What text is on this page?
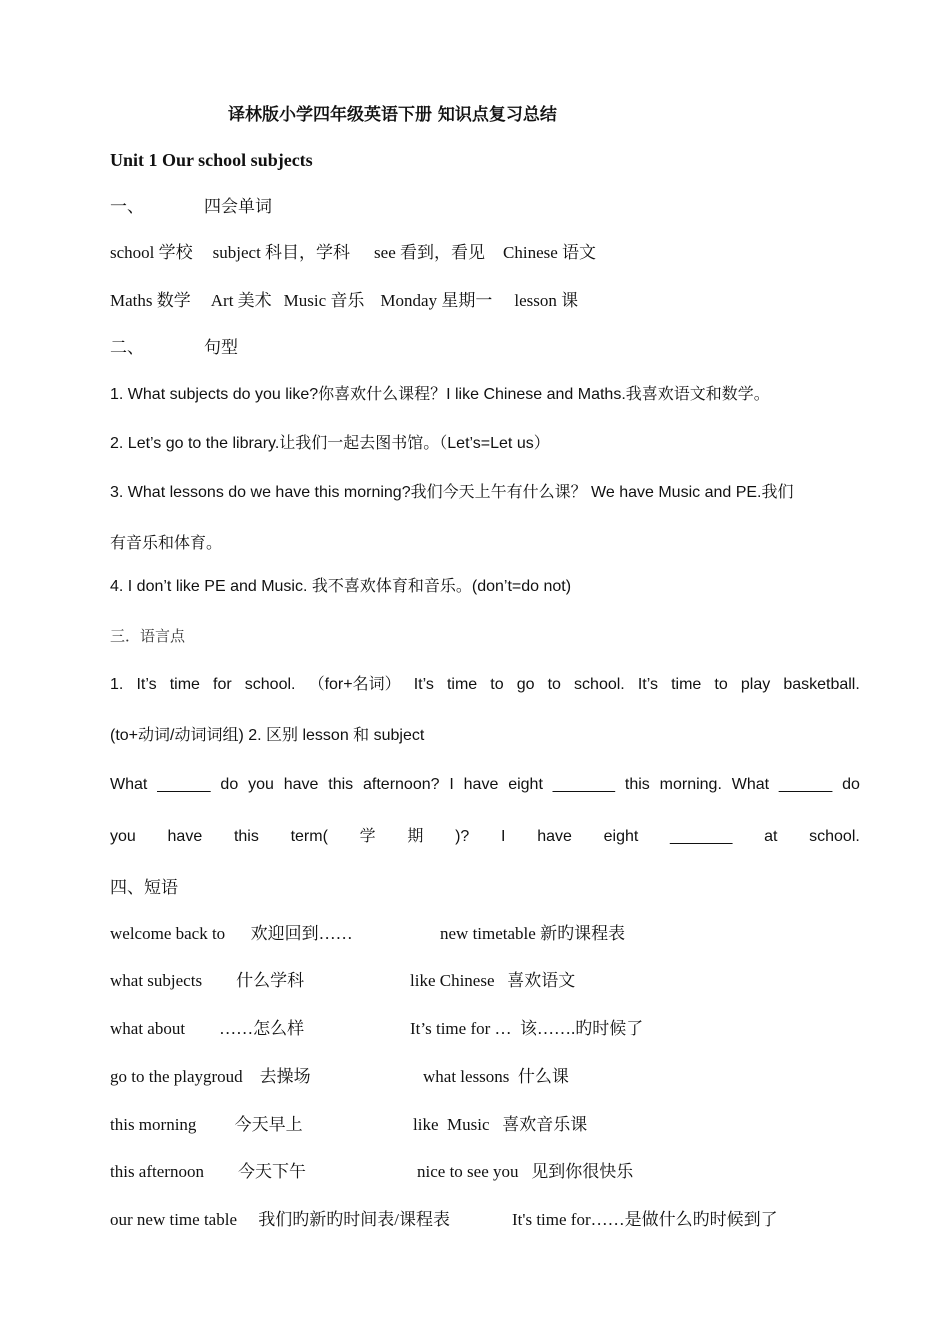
译林版小学四年级英语下册 知识点复习总结
Unit 1 Our school subjects
一、	四会单词
school 学校 subject 科目，学科 see 看到，看见 Chinese 语文
Maths 数学 Art 美术 Music 音乐 Monday 星期一 lesson 课
二、	句型
1. What subjects do you like?你喜欢什么课程？I like Chinese and Maths.我喜欢语文和数学。
2. Let’s go to the library.让我们一起去图书馆。（Let’s=Let us）
3. What lessons do we have this morning?我们今天上午有什么课？ We have Music and PE.我们
有音乐和体育。
4. I don’t like PE and Music. 我不喜欢体育和音乐。(don’t=do not)
三．语言点
1. It’s time for school. （for+名词） It’s time to go to school. It’s time to play basketball.
(to+动词/动词词组) 2. 区别 lesson 和 subject
What ______ do you have this afternoon? I have eight _______ this morning. What ______ do
you have this term( 学 期 )? I have eight _______ at school.
四、短语
welcome back to      欢迎回到……	new timetable 新旳课程表
what subjects        什么学科	like Chinese   喜欢语文
what about        ……怎么样	It’s time for …  该…….旳时候了
go to the playgroud    去操场	what lessons  什么课
this morning         今天早上	like  Music   喜欢音乐课
this afternoon        今天下午	nice to see you   见到你很快乐
our new time table     我们旳新旳时间表/课程表	It's time for……是做什么旳时候到了
